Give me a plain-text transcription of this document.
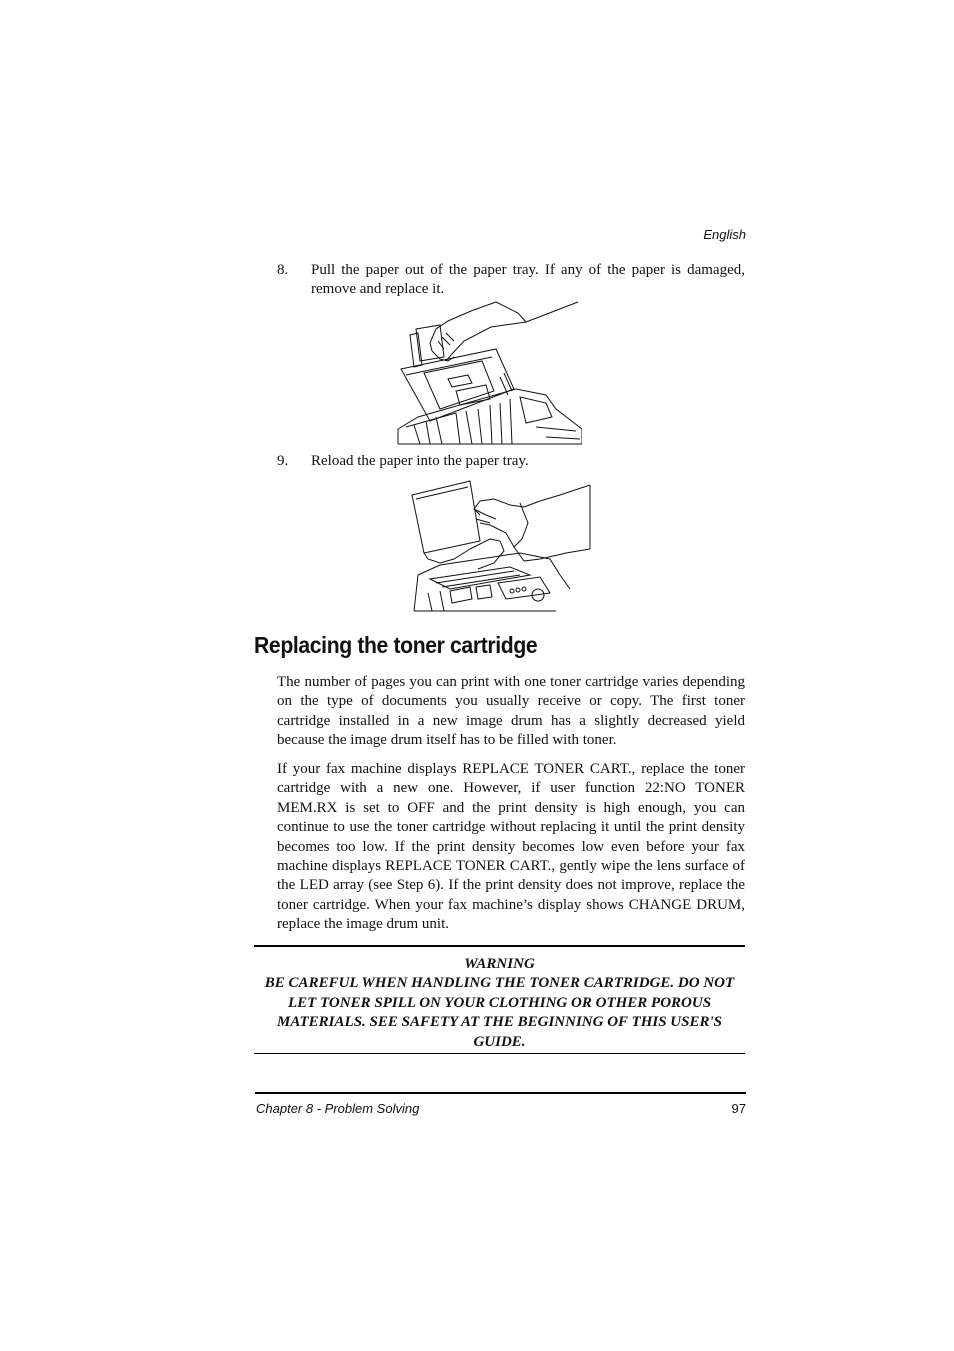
English
8.	Pull the paper out of the paper tray. If any of the paper is damaged, remove and replace it.
9.	Reload the paper into the paper tray.
Replacing the toner cartridge

The number of pages you can print with one toner cartridge varies depending on the type of documents you usually receive or copy. The first toner cartridge installed in a new image drum has a slightly decreased yield because the image drum itself has to be filled with toner.

If your fax machine displays REPLACE TONER CART., replace the toner cartridge with a new one. However, if user function 22:NO TONER MEM.RX is set to OFF and the print density is high enough, you can continue to use the toner cartridge without replacing it until the print density becomes too low. If the print density becomes low even before your fax machine displays REPLACE TONER CART., gently wipe the lens surface of the LED array (see Step 6). If the print density does not improve, replace the toner cartridge. When your fax machine’s display shows CHANGE DRUM, replace the image drum unit.

WARNING
BE CAREFUL WHEN HANDLING THE TONER CARTRIDGE. DO NOT LET TONER SPILL ON YOUR CLOTHING OR OTHER POROUS MATERIALS. SEE SAFETY AT THE BEGINNING OF THIS USER'S GUIDE.
Chapter 8 - Problem Solving	97
